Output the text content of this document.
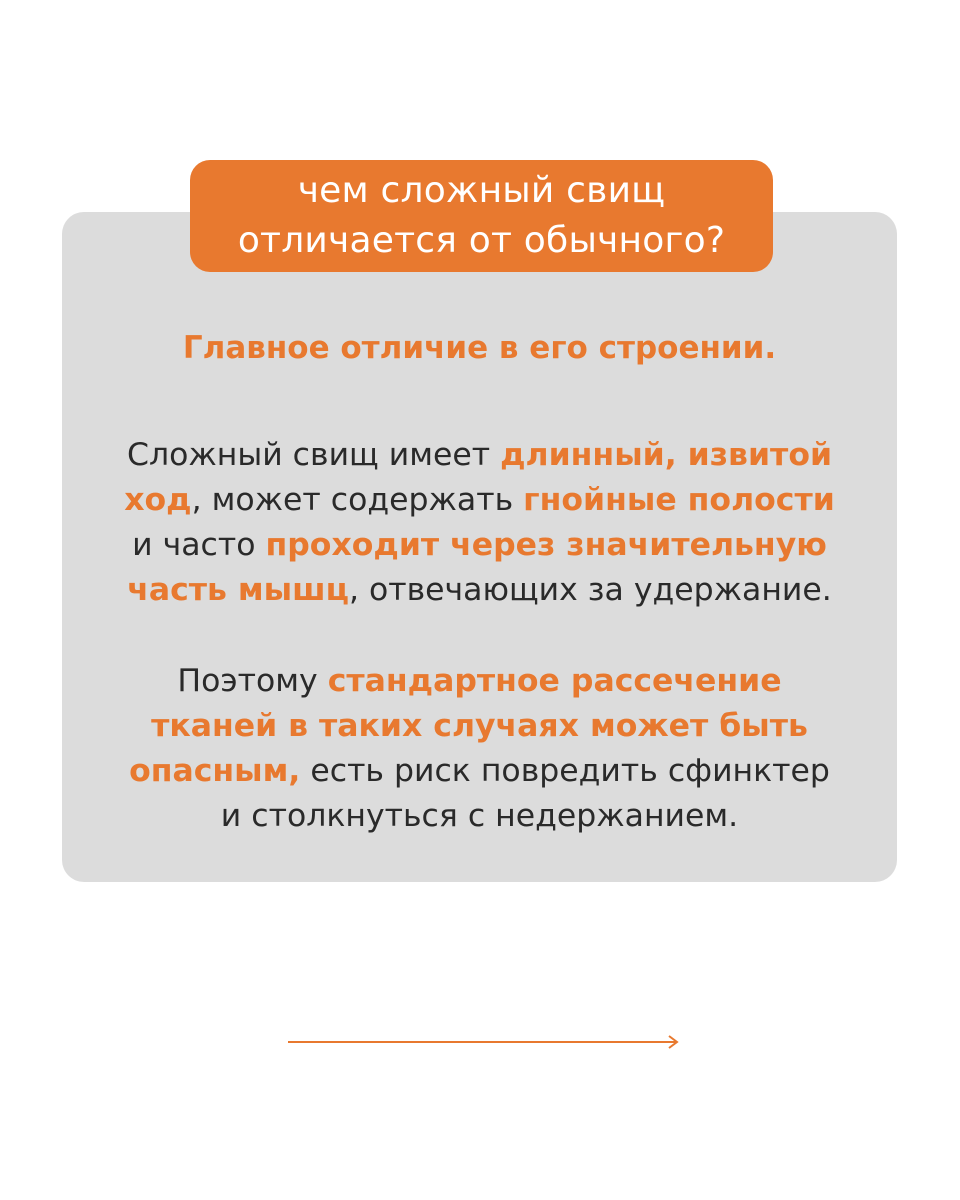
чем сложный свищ
отличается от обычного?

Главное отличие в его строении.

Сложный свищ имеет длинный, извитой
ход, может содержать гнойные полости
и часто проходит через значительную
часть мышц, отвечающих за удержание.

Поэтому стандартное рассечение
тканей в таких случаях может быть
опасным, есть риск повредить сфинктер
и столкнуться с недержанием.
